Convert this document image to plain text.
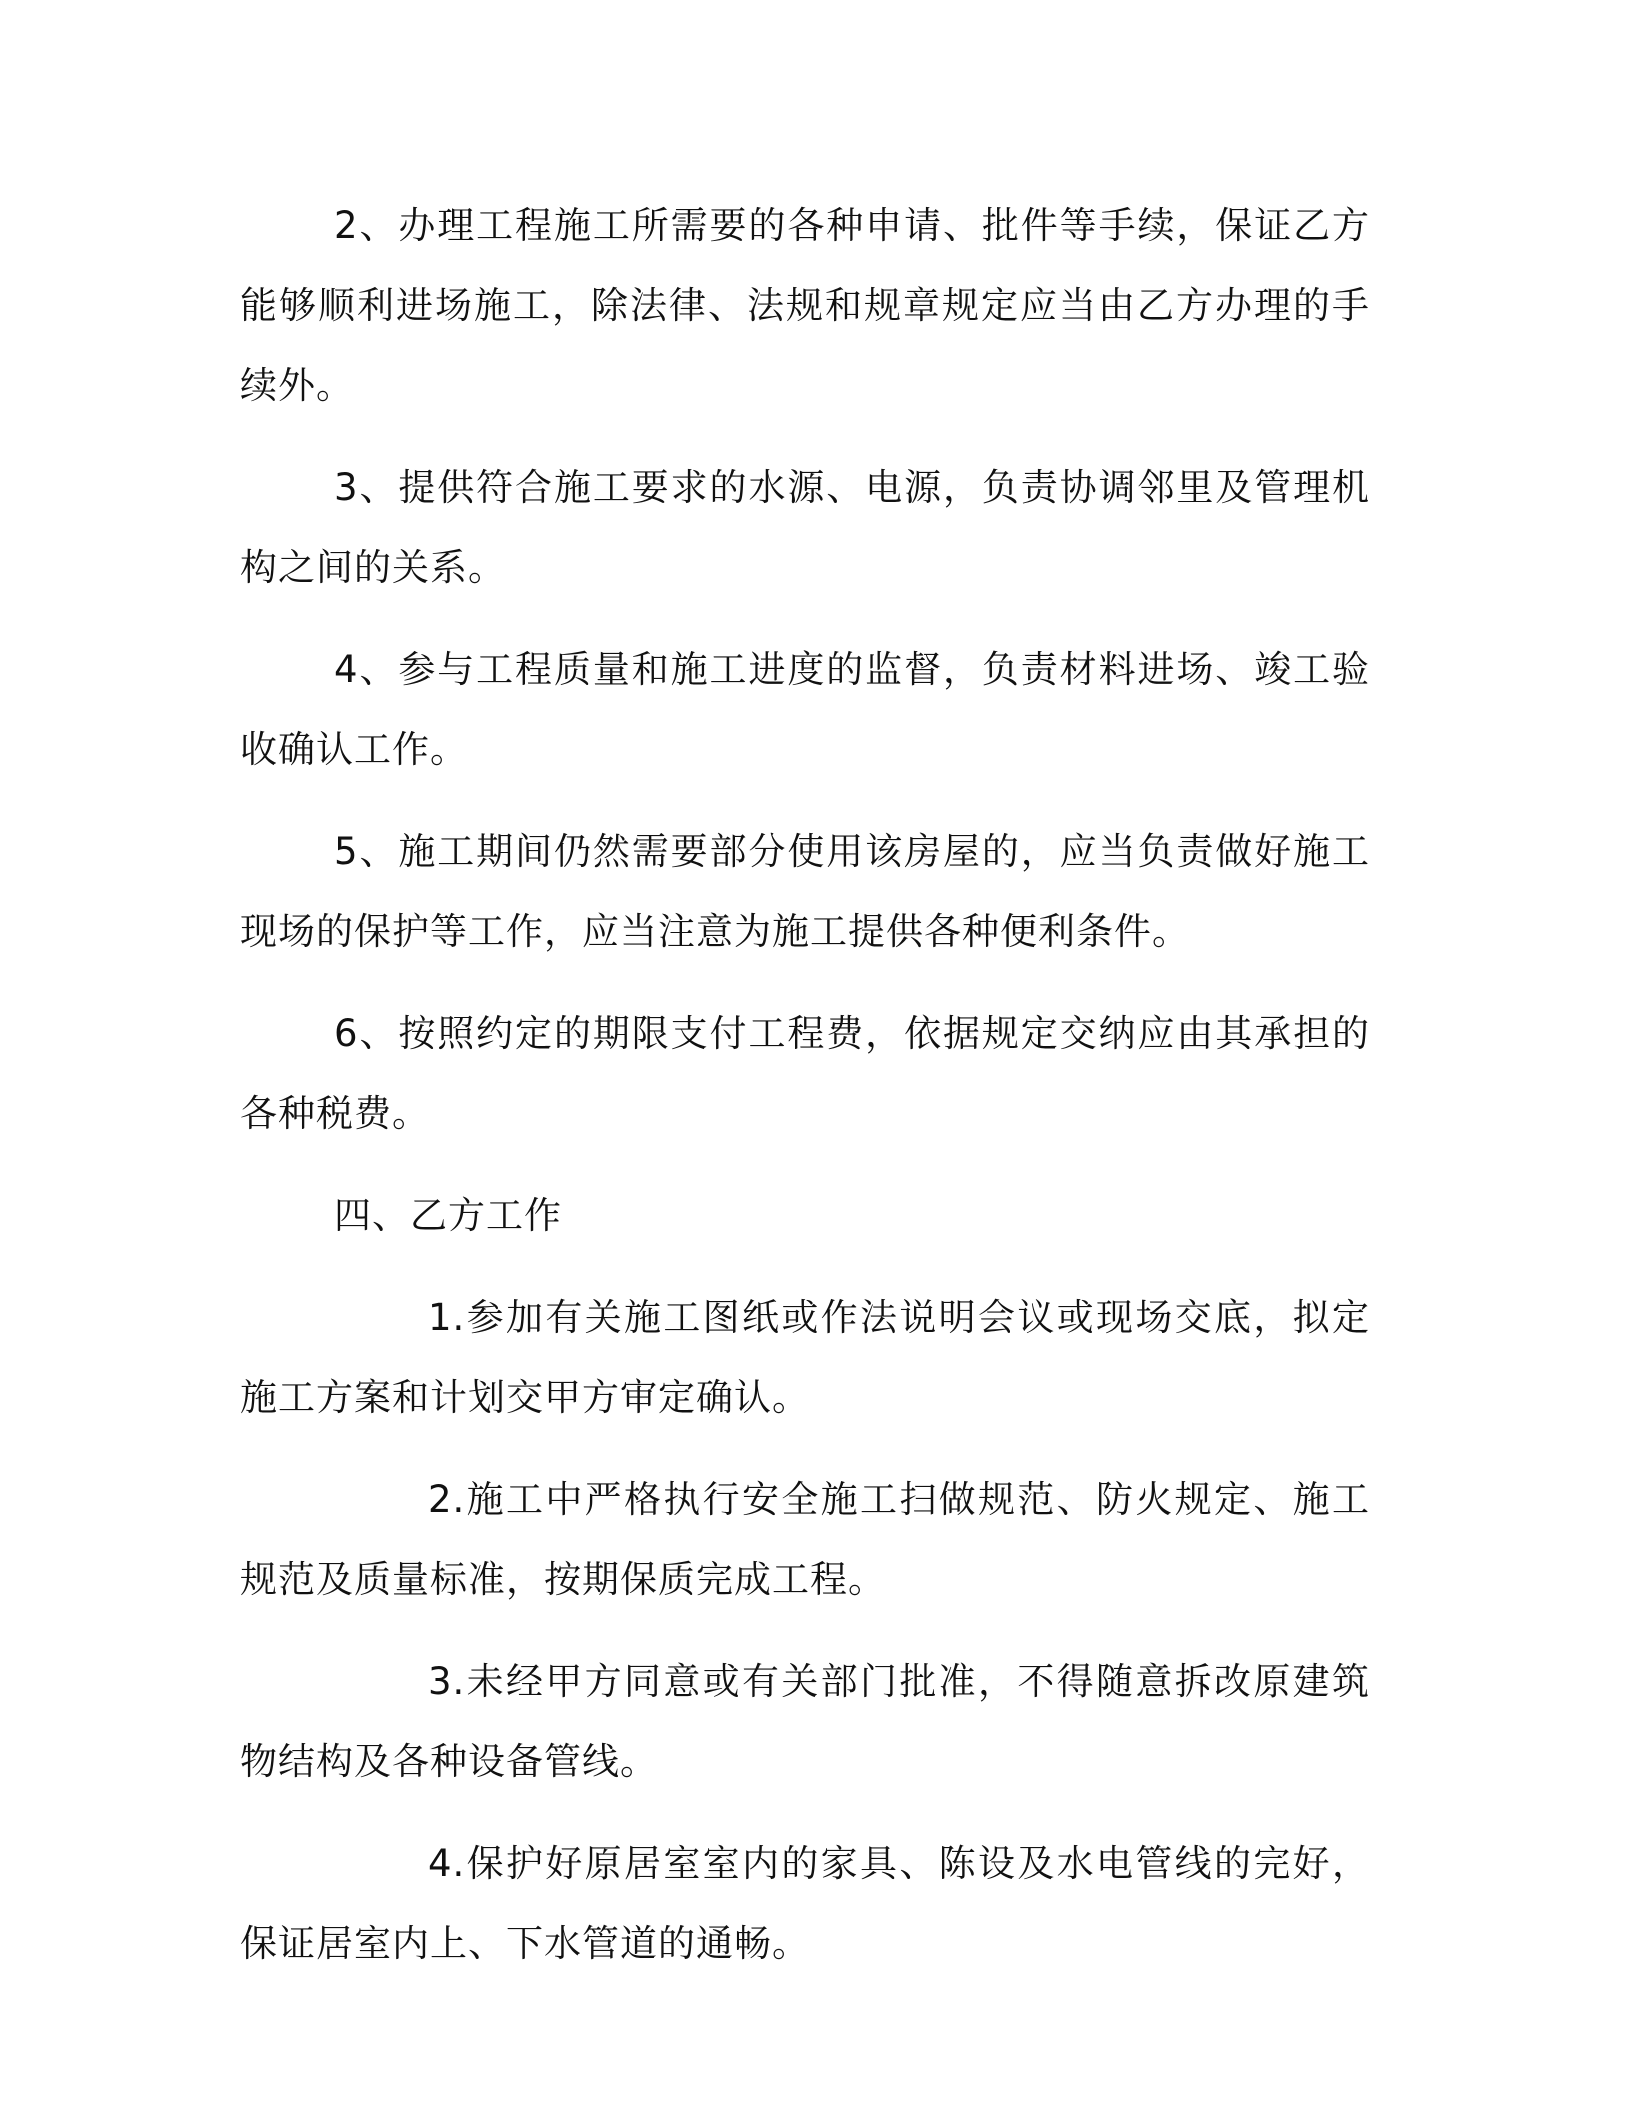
2、办理工程施工所需要的各种申请、批件等手续，保证乙方能够顺利进场施工，除法律、法规和规章规定应当由乙方办理的手续外。

3、提供符合施工要求的水源、电源，负责协调邻里及管理机构之间的关系。

4、参与工程质量和施工进度的监督，负责材料进场、竣工验收确认工作。

5、施工期间仍然需要部分使用该房屋的，应当负责做好施工现场的保护等工作，应当注意为施工提供各种便利条件。

6、按照约定的期限支付工程费，依据规定交纳应由其承担的各种税费。

四、乙方工作

1.参加有关施工图纸或作法说明会议或现场交底，拟定施工方案和计划交甲方审定确认。

2.施工中严格执行安全施工扫做规范、防火规定、施工规范及质量标准，按期保质完成工程。

3.未经甲方同意或有关部门批准，不得随意拆改原建筑物结构及各种设备管线。

4.保护好原居室室内的家具、陈设及水电管线的完好，保证居室内上、下水管道的通畅。
